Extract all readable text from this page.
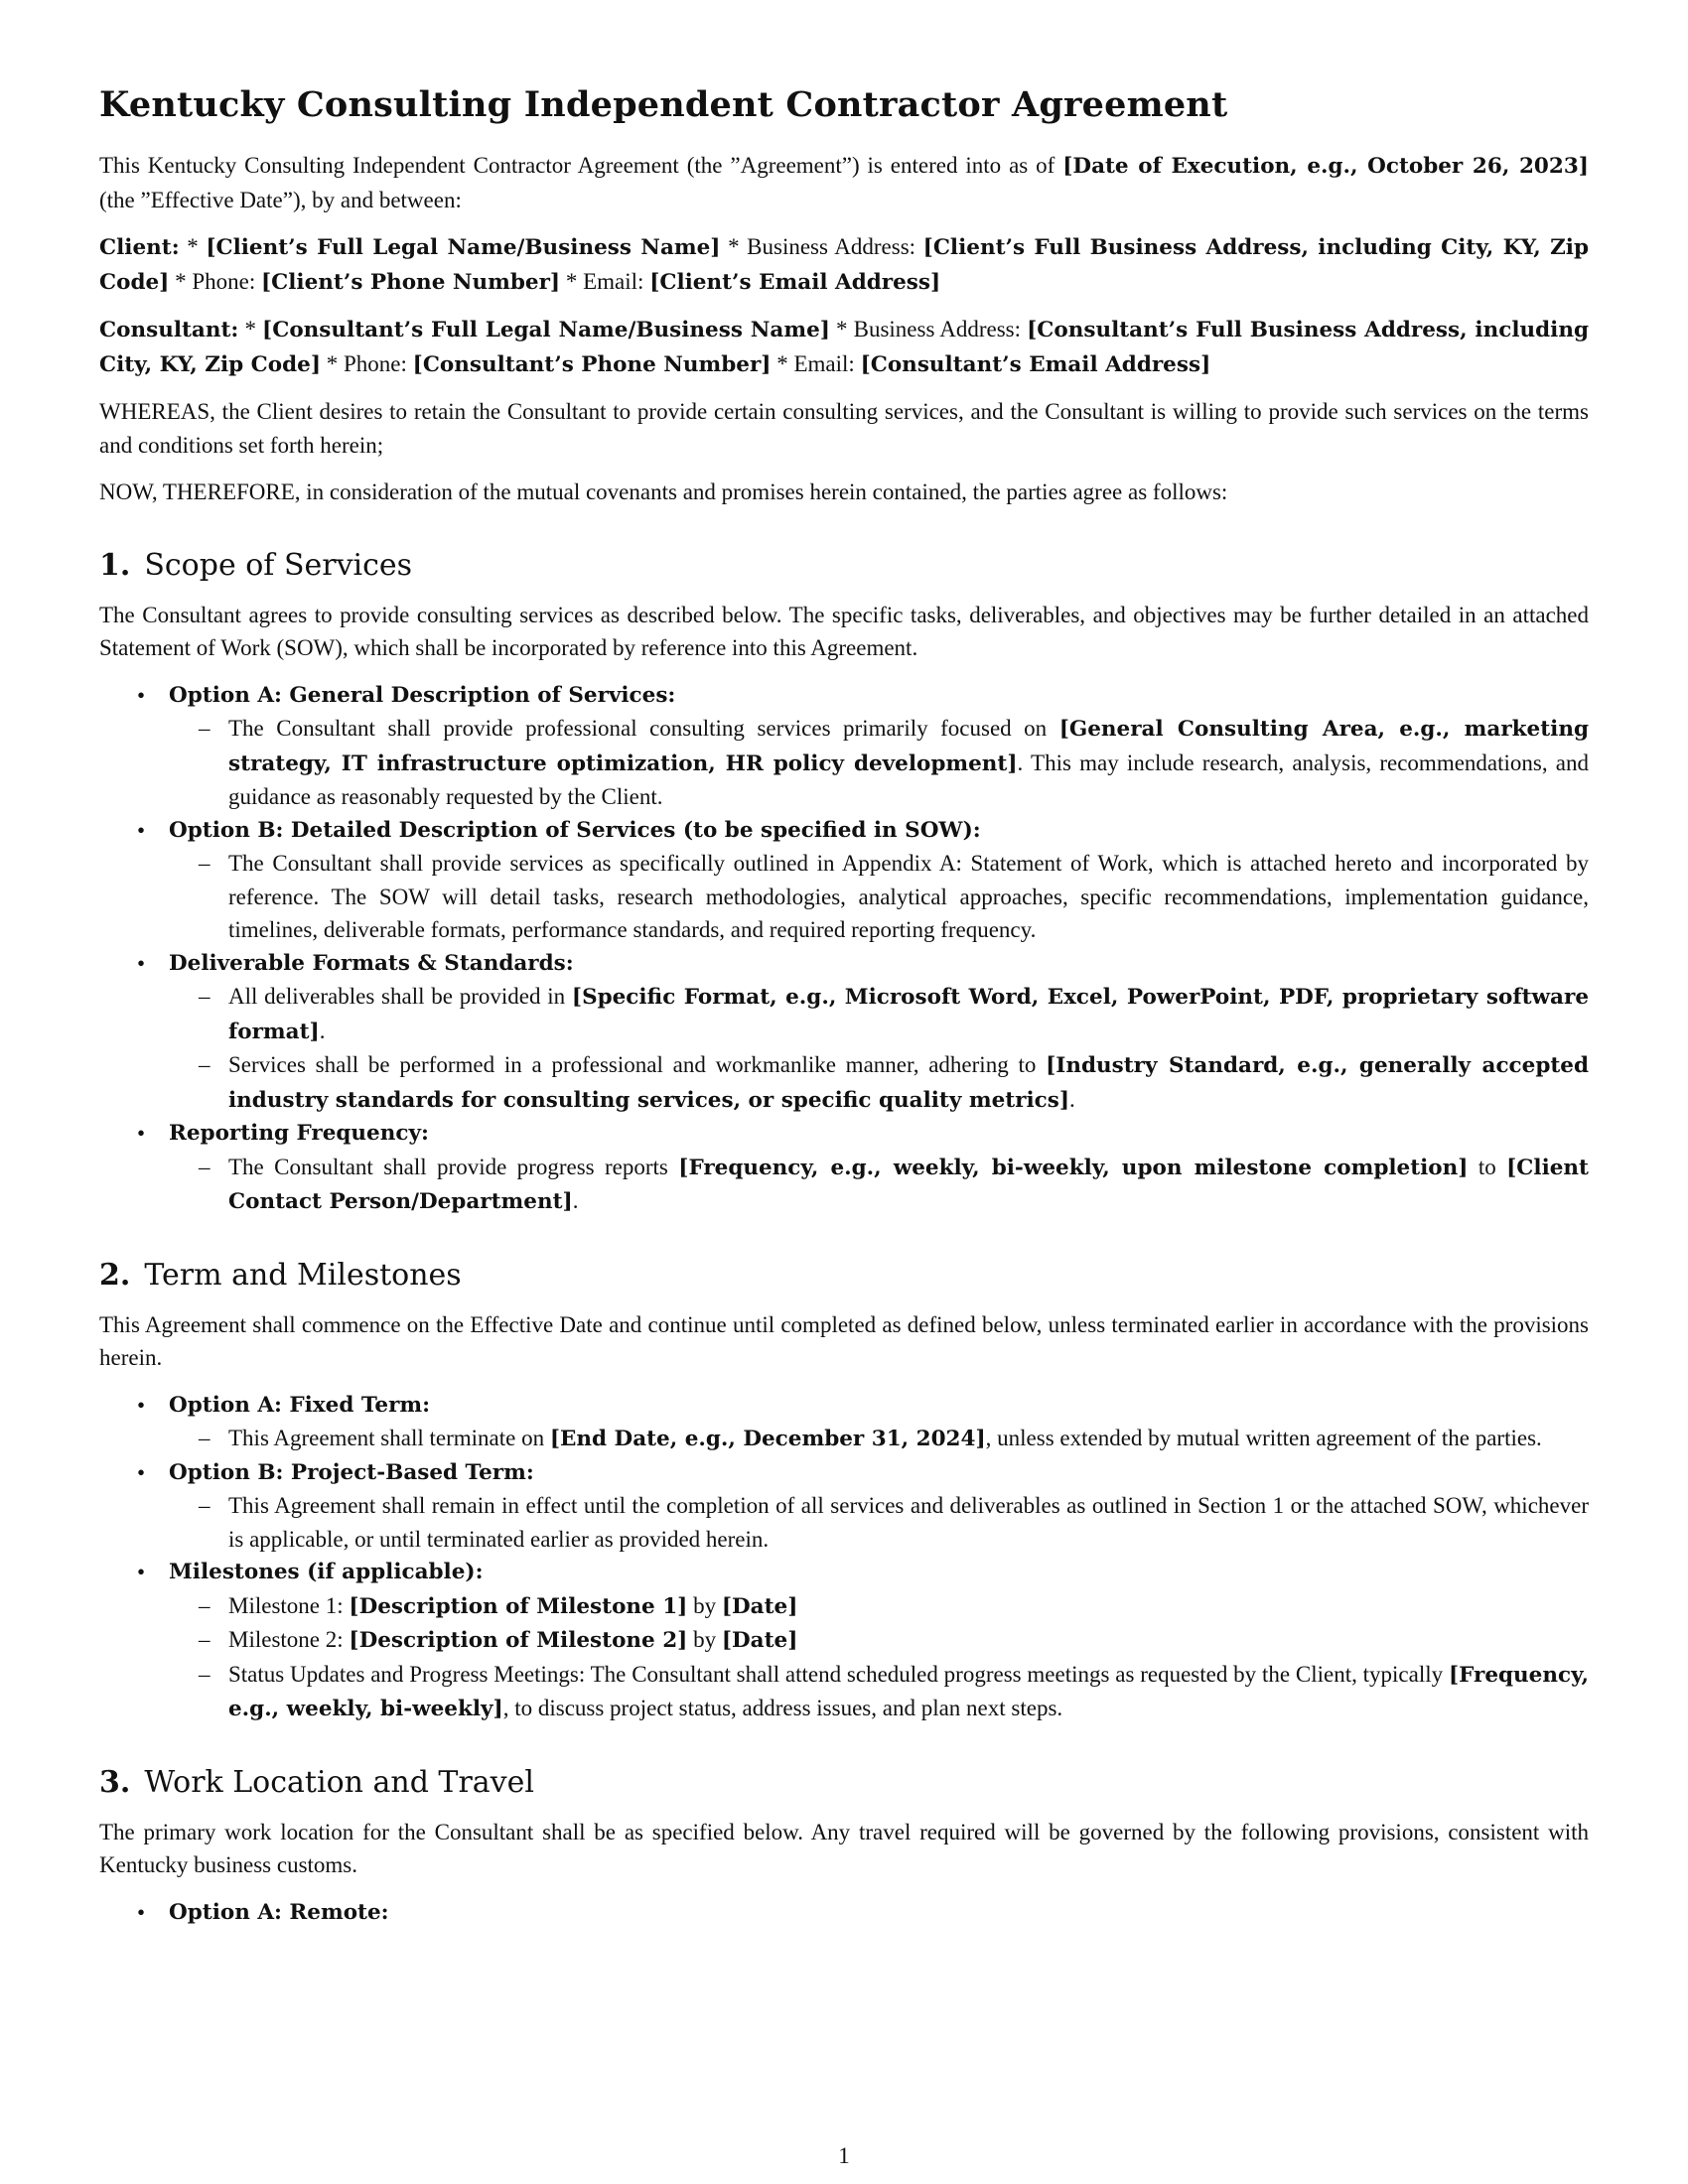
Kentucky Consulting Independent Contractor Agreement

This Kentucky Consulting Independent Contractor Agreement (the ”Agreement”) is entered into as of [Date of Execution, e.g., October 26, 2023] (the ”Effective Date”), by and between:

Client: * [Client’s Full Legal Name/Business Name] * Business Address: [Client’s Full Business Address, including City, KY, Zip Code] * Phone: [Client’s Phone Number] * Email: [Client’s Email Address]

Consultant: * [Consultant’s Full Legal Name/Business Name] * Business Address: [Consultant’s Full Business Address, including City, KY, Zip Code] * Phone: [Consultant’s Phone Number] * Email: [Consultant’s Email Address]

WHEREAS, the Client desires to retain the Consultant to provide certain consulting services, and the Consultant is willing to provide such services on the terms and conditions set forth herein;

NOW, THEREFORE, in consideration of the mutual covenants and promises herein contained, the parties agree as follows:

1. Scope of Services

The Consultant agrees to provide consulting services as described below. The specific tasks, deliverables, and objectives may be further detailed in an attached Statement of Work (SOW), which shall be incorporated by reference into this Agreement.

• Option A: General Description of Services:
– The Consultant shall provide professional consulting services primarily focused on [General Consulting Area, e.g., marketing strategy, IT infrastructure optimization, HR policy development]. This may include research, analysis, recommendations, and guidance as reasonably requested by the Client.
• Option B: Detailed Description of Services (to be specified in SOW):
– The Consultant shall provide services as specifically outlined in Appendix A: Statement of Work, which is attached hereto and incorporated by reference. The SOW will detail tasks, research methodologies, analytical approaches, specific recommendations, implementation guidance, timelines, deliverable formats, performance standards, and required reporting frequency.
• Deliverable Formats & Standards:
– All deliverables shall be provided in [Specific Format, e.g., Microsoft Word, Excel, PowerPoint, PDF, proprietary software format].
– Services shall be performed in a professional and workmanlike manner, adhering to [Industry Standard, e.g., generally accepted industry standards for consulting services, or specific quality metrics].
• Reporting Frequency:
– The Consultant shall provide progress reports [Frequency, e.g., weekly, bi-weekly, upon milestone completion] to [Client Contact Person/Department].
2. Term and Milestones

This Agreement shall commence on the Effective Date and continue until completed as defined below, unless terminated earlier in accordance with the provisions herein.

• Option A: Fixed Term:
– This Agreement shall terminate on [End Date, e.g., December 31, 2024], unless extended by mutual written agreement of the parties.
• Option B: Project-Based Term:
– This Agreement shall remain in effect until the completion of all services and deliverables as outlined in Section 1 or the attached SOW, whichever is applicable, or until terminated earlier as provided herein.
• Milestones (if applicable):
– Milestone 1: [Description of Milestone 1] by [Date]
– Milestone 2: [Description of Milestone 2] by [Date]
– Status Updates and Progress Meetings: The Consultant shall attend scheduled progress meetings as requested by the Client, typically [Frequency, e.g., weekly, bi-weekly], to discuss project status, address issues, and plan next steps.
3. Work Location and Travel

The primary work location for the Consultant shall be as specified below. Any travel required will be governed by the following provisions, consistent with Kentucky business customs.

• Option A: Remote:
1
